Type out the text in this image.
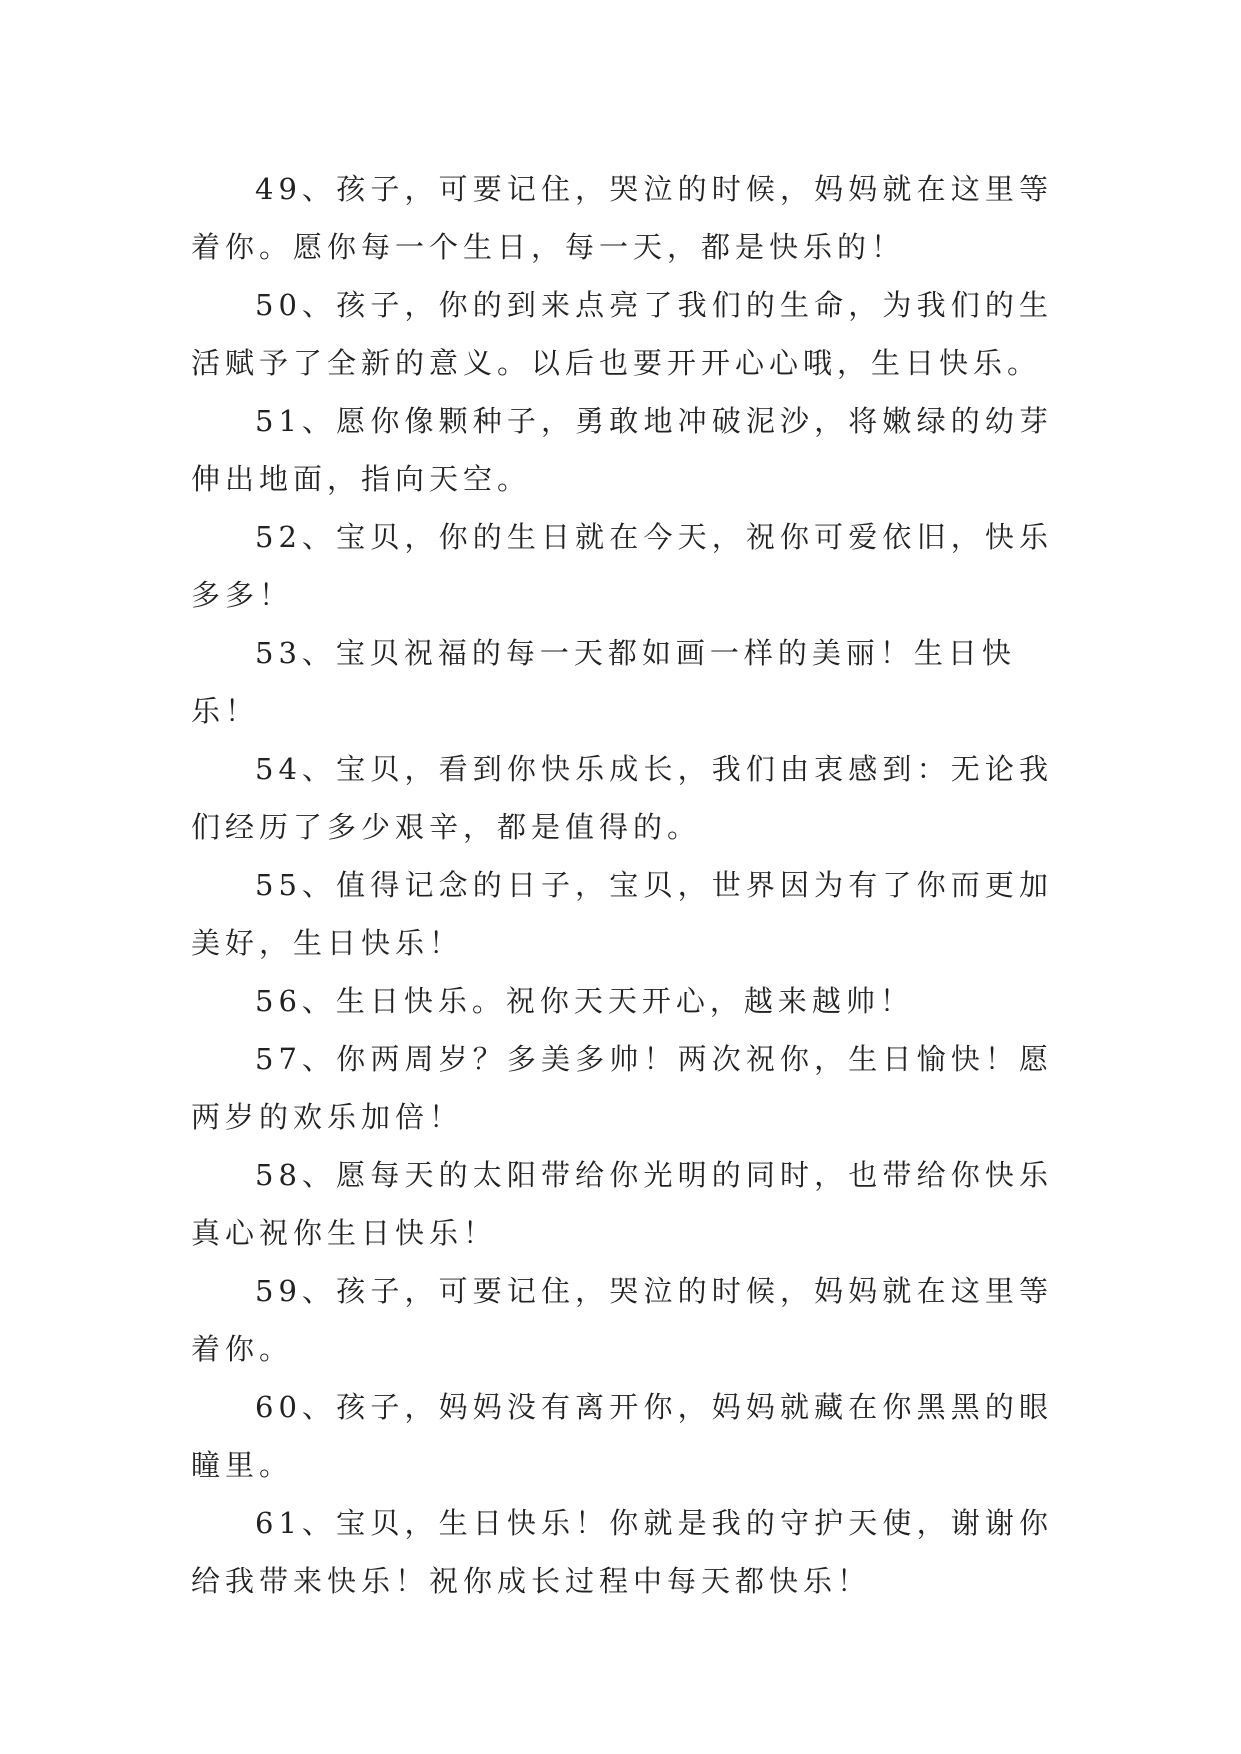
49、孩子，可要记住，哭泣的时候，妈妈就在这里等着你。愿你每一个生日，每一天，都是快乐的！

50、孩子，你的到来点亮了我们的生命，为我们的生活赋予了全新的意义。以后也要开开心心哦，生日快乐。

51、愿你像颗种子，勇敢地冲破泥沙，将嫩绿的幼芽伸出地面，指向天空。

52、宝贝，你的生日就在今天，祝你可爱依旧，快乐多多！

53、宝贝祝福的每一天都如画一样的美丽！生日快乐！

54、宝贝，看到你快乐成长，我们由衷感到：无论我们经历了多少艰辛，都是值得的。

55、值得记念的日子，宝贝，世界因为有了你而更加美好，生日快乐！

56、生日快乐。祝你天天开心，越来越帅！

57、你两周岁？多美多帅！两次祝你，生日愉快！愿两岁的欢乐加倍！

58、愿每天的太阳带给你光明的同时，也带给你快乐真心祝你生日快乐！

59、孩子，可要记住，哭泣的时候，妈妈就在这里等着你。

60、孩子，妈妈没有离开你，妈妈就藏在你黑黑的眼瞳里。

61、宝贝，生日快乐！你就是我的守护天使，谢谢你给我带来快乐！祝你成长过程中每天都快乐！
